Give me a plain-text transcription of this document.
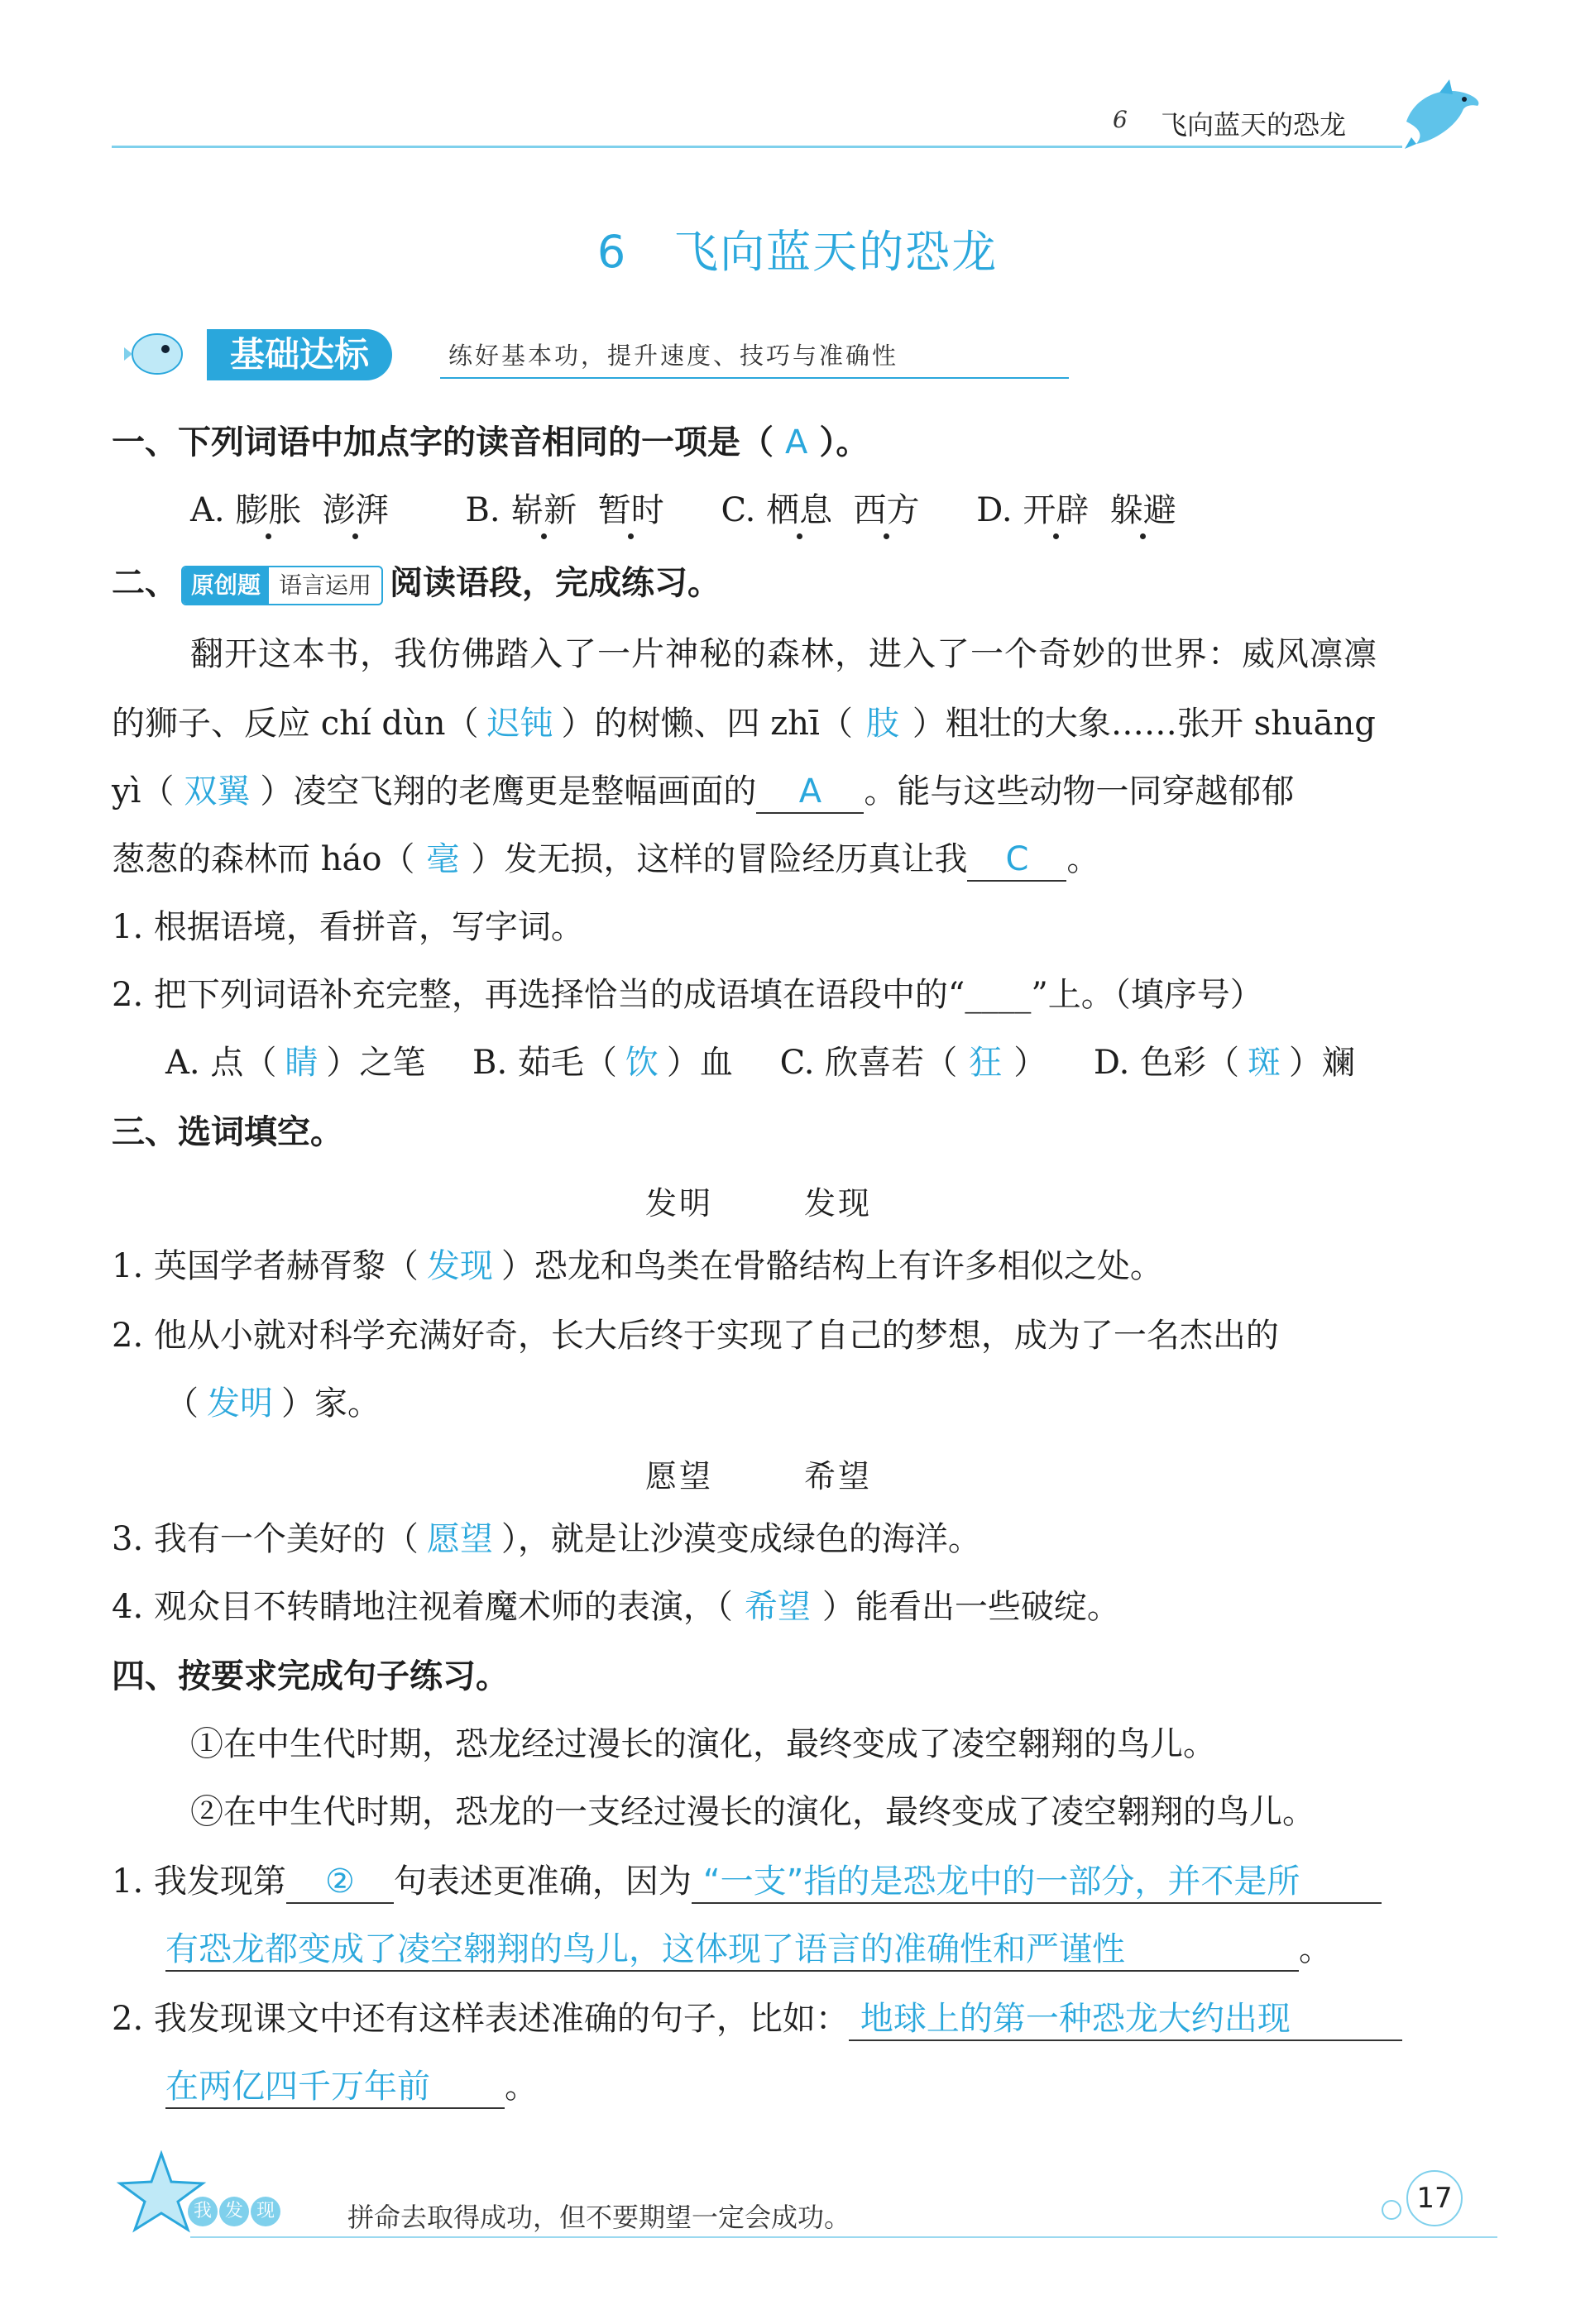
6 飞向蓝天的恐龙
6 飞向蓝天的恐龙
基础达标	练好基本功，提升速度、技巧与准确性
一、下列词语中加点字的读音相同的一项是（ A ）。
A. 膨胀 澎湃 B. 崭新 暂时 C. 栖息 西方 D. 开辟 躲避
二、 原创题 语言运用 阅读语段，完成练习。
翻开这本书，我仿佛踏入了一片神秘的森林，进入了一个奇妙的世界：威风凛凛
的狮子、反应 chí dùn（ 迟钝 ）的树懒、四 zhī（ 肢 ）粗壮的大象……张开 shuāng
yì（ 双翼 ）凌空飞翔的老鹰更是整幅画面的 A 。能与这些动物一同穿越郁郁
葱葱的森林而 háo（ 毫 ）发无损，这样的冒险经历真让我 C 。
1. 根据语境，看拼音，写字词。
2. 把下列词语补充完整，再选择恰当的成语填在语段中的“____”上。（填序号）
A. 点（ 睛 ）之笔 B. 茹毛（ 饮 ）血 C. 欣喜若（ 狂 ） D. 色彩（ 斑 ）斓
三、选词填空。
发明	发现
1. 英国学者赫胥黎（ 发现 ）恐龙和鸟类在骨骼结构上有许多相似之处。
2. 他从小就对科学充满好奇，长大后终于实现了自己的梦想，成为了一名杰出的
（ 发明 ）家。
愿望	希望
3. 我有一个美好的（ 愿望 ），就是让沙漠变成绿色的海洋。
4. 观众目不转睛地注视着魔术师的表演，（ 希望 ）能看出一些破绽。
四、按要求完成句子练习。
①在中生代时期，恐龙经过漫长的演化，最终变成了凌空翱翔的鸟儿。
②在中生代时期，恐龙的一支经过漫长的演化，最终变成了凌空翱翔的鸟儿。
1. 我发现第 ② 句表述更准确，因为 “一支”指的是恐龙中的一部分，并不是所
有恐龙都变成了凌空翱翔的鸟儿，这体现了语言的准确性和严谨性	。
2. 我发现课文中还有这样表述准确的句子，比如： 地球上的第一种恐龙大约出现
在两亿四千万年前 。
我 发 现	拼命去取得成功，但不要期望一定会成功。
17
